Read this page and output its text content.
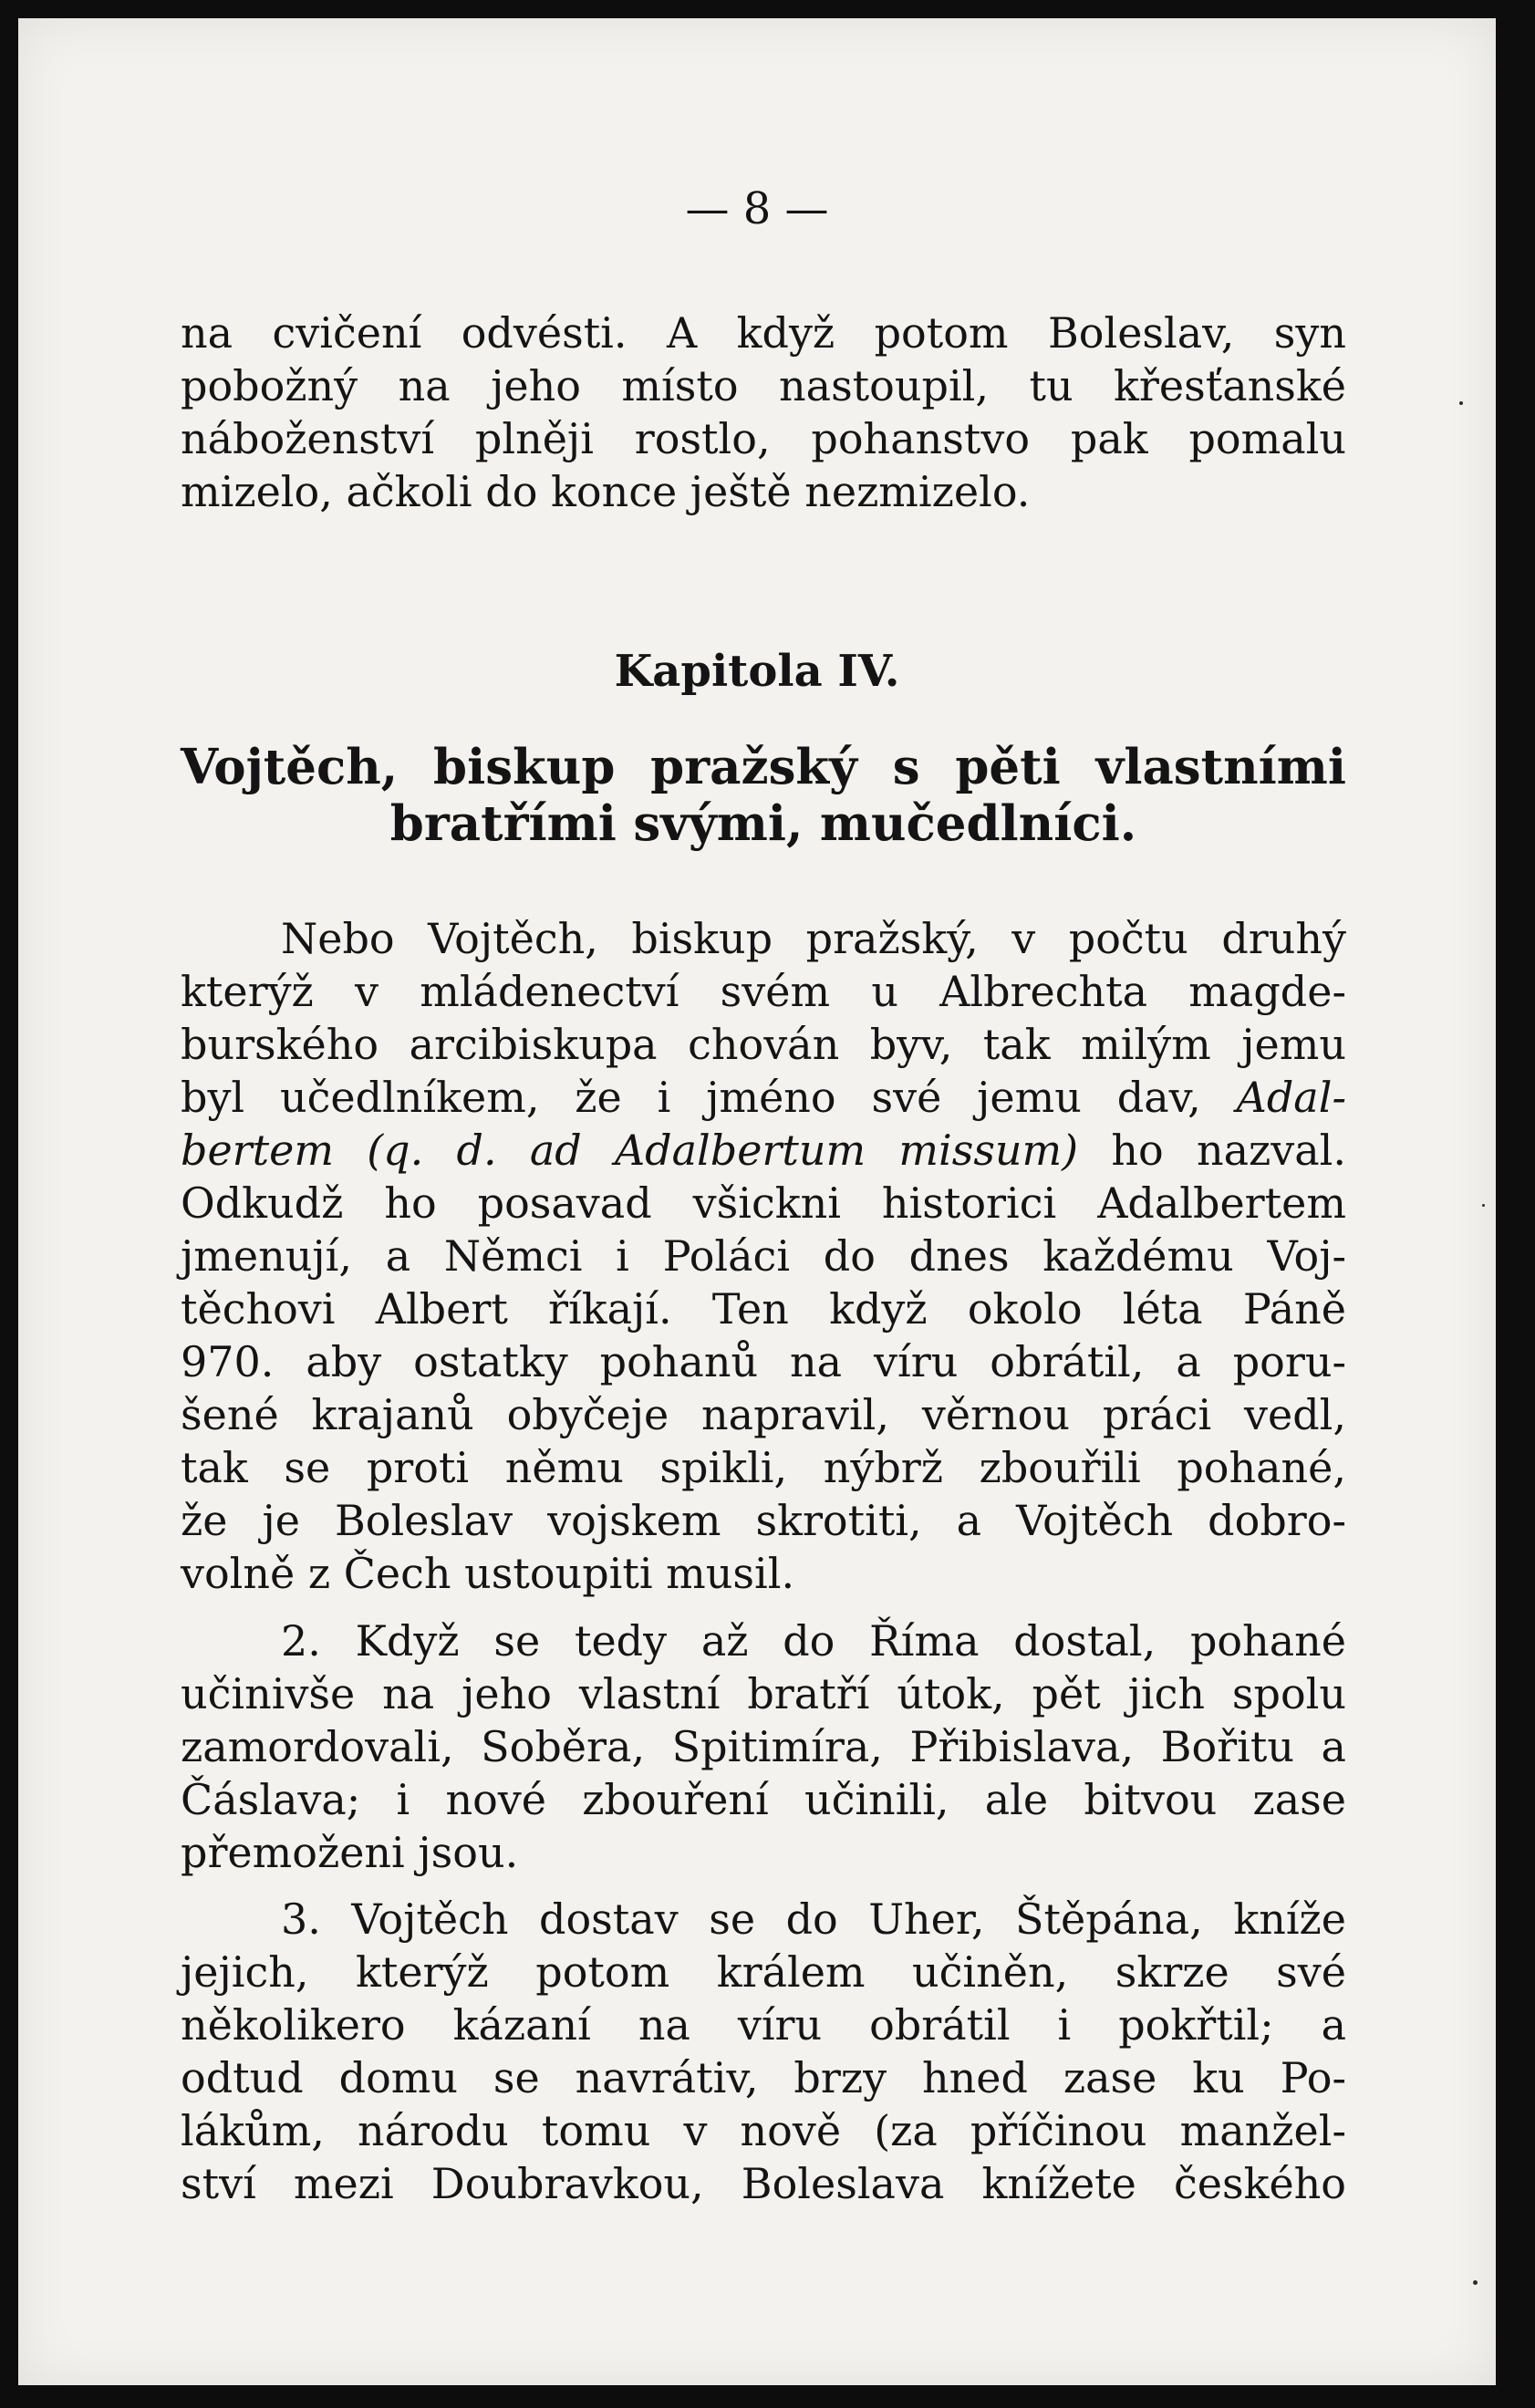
— 8 —
na cvičení odvésti. A když potom Boleslav, syn
pobožný na jeho místo nastoupil, tu křesťanské
náboženství plněji rostlo, pohanstvo pak pomalu
mizelo, ačkoli do konce ještě nezmizelo.
Kapitola IV.
Vojtěch, biskup pražský s pěti vlastními
bratřími svými, mučedlníci.
Nebo Vojtěch, biskup pražský, v počtu druhý
kterýž v mládenectví svém u Albrechta magde-
burského arcibiskupa chován byv, tak milým jemu
byl učedlníkem, že i jméno své jemu dav, Adal-
bertem (q. d. ad Adalbertum missum) ho nazval.
Odkudž ho posavad všickni historici Adalbertem
jmenují, a Němci i Poláci do dnes každému Voj-
těchovi Albert říkají. Ten když okolo léta Páně
970. aby ostatky pohanů na víru obrátil, a poru-
šené krajanů obyčeje napravil, věrnou práci vedl,
tak se proti němu spikli, nýbrž zbouřili pohané,
že je Boleslav vojskem skrotiti, a Vojtěch dobro-
volně z Čech ustoupiti musil.
2. Když se tedy až do Říma dostal, pohané
učinivše na jeho vlastní bratří útok, pět jich spolu
zamordovali, Soběra, Spitimíra, Přibislava, Bořitu a
Čáslava; i nové zbouření učinili, ale bitvou zase
přemoženi jsou.
3. Vojtěch dostav se do Uher, Štěpána, kníže
jejich, kterýž potom králem učiněn, skrze své
několikero kázaní na víru obrátil i pokřtil; a
odtud domu se navrátiv, brzy hned zase ku Po-
lákům, národu tomu v nově (za příčinou manžel-
ství mezi Doubravkou, Boleslava knížete českého
